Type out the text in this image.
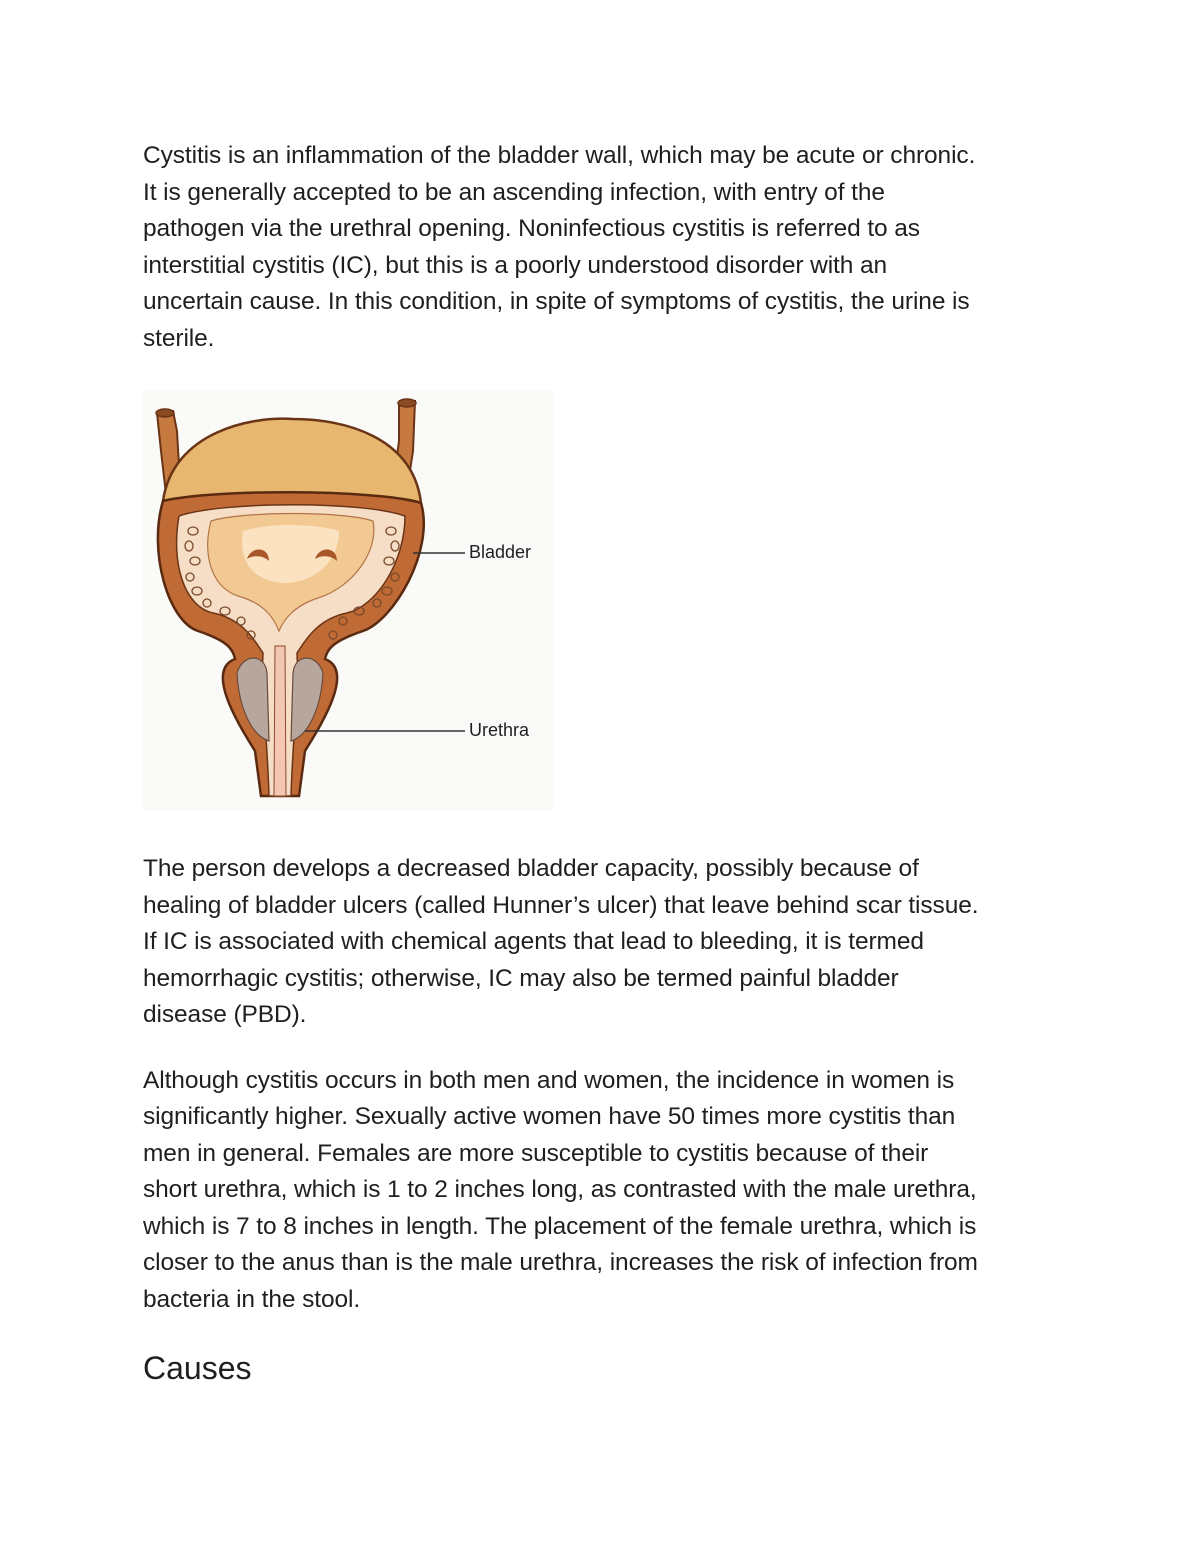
Cystitis is an inflammation of the bladder wall, which may be acute or chronic.
It is generally accepted to be an ascending infection, with entry of the
pathogen via the urethral opening. Noninfectious cystitis is referred to as
interstitial cystitis (IC), but this is a poorly understood disorder with an
uncertain cause. In this condition, in spite of symptoms of cystitis, the urine is
sterile.

Bladder
Urethra

The person develops a decreased bladder capacity, possibly because of
healing of bladder ulcers (called Hunner’s ulcer) that leave behind scar tissue.
If IC is associated with chemical agents that lead to bleeding, it is termed
hemorrhagic cystitis; otherwise, IC may also be termed painful bladder
disease (PBD).

Although cystitis occurs in both men and women, the incidence in women is
significantly higher. Sexually active women have 50 times more cystitis than
men in general. Females are more susceptible to cystitis because of their
short urethra, which is 1 to 2 inches long, as contrasted with the male urethra,
which is 7 to 8 inches in length. The placement of the female urethra, which is
closer to the anus than is the male urethra, increases the risk of infection from
bacteria in the stool.

Causes
